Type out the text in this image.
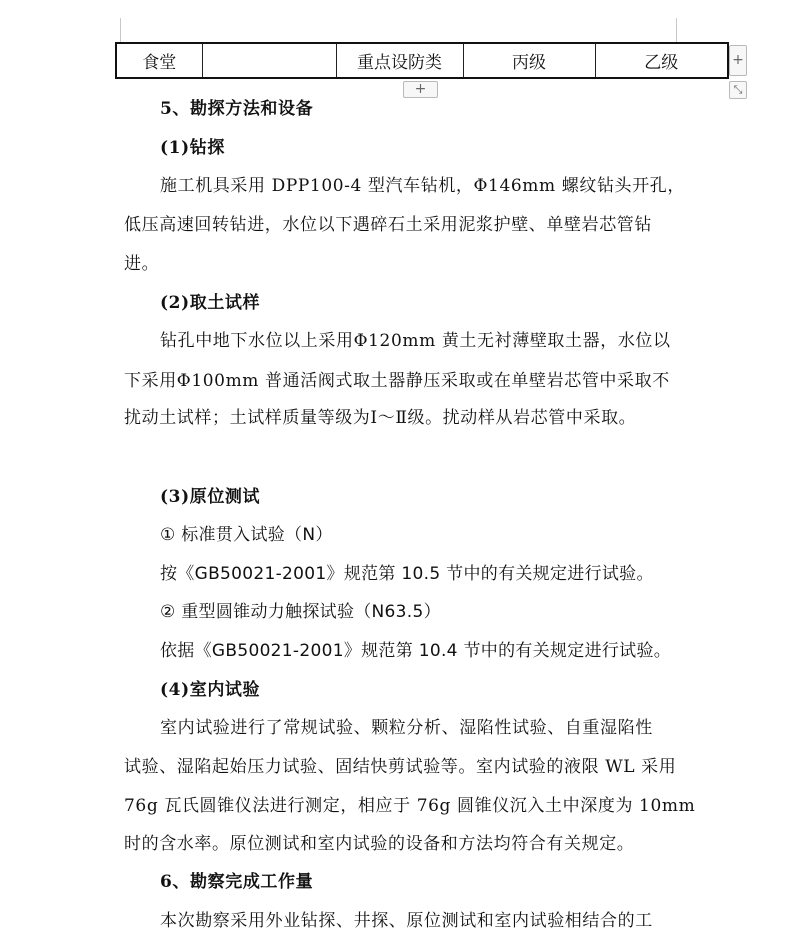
食堂		重点设防类	丙级	乙级	+
+	⤡
5、勘探方法和设备
(1)钻探
施工机具采用 DPP100-4 型汽车钻机，Φ146mm 螺纹钻头开孔，
低压高速回转钻进，水位以下遇碎石土采用泥浆护壁、单壁岩芯管钻
进。
(2)取土试样
钻孔中地下水位以上采用Φ120mm 黄土无衬薄壁取土器，水位以
下采用Φ100mm 普通活阀式取土器静压采取或在单壁岩芯管中采取不
扰动土试样；土试样质量等级为Ⅰ～Ⅱ级。扰动样从岩芯管中采取。
(3)原位测试
① 标准贯入试验（N）
按《GB50021-2001》规范第 10.5 节中的有关规定进行试验。
② 重型圆锥动力触探试验（N63.5）
依据《GB50021-2001》规范第 10.4 节中的有关规定进行试验。
(4)室内试验
室内试验进行了常规试验、颗粒分析、湿陷性试验、自重湿陷性
试验、湿陷起始压力试验、固结快剪试验等。室内试验的液限 WL 采用
76g 瓦氏圆锥仪法进行测定，相应于 76g 圆锥仪沉入土中深度为 10mm
时的含水率。原位测试和室内试验的设备和方法均符合有关规定。
6、勘察完成工作量
本次勘察采用外业钻探、井探、原位测试和室内试验相结合的工
